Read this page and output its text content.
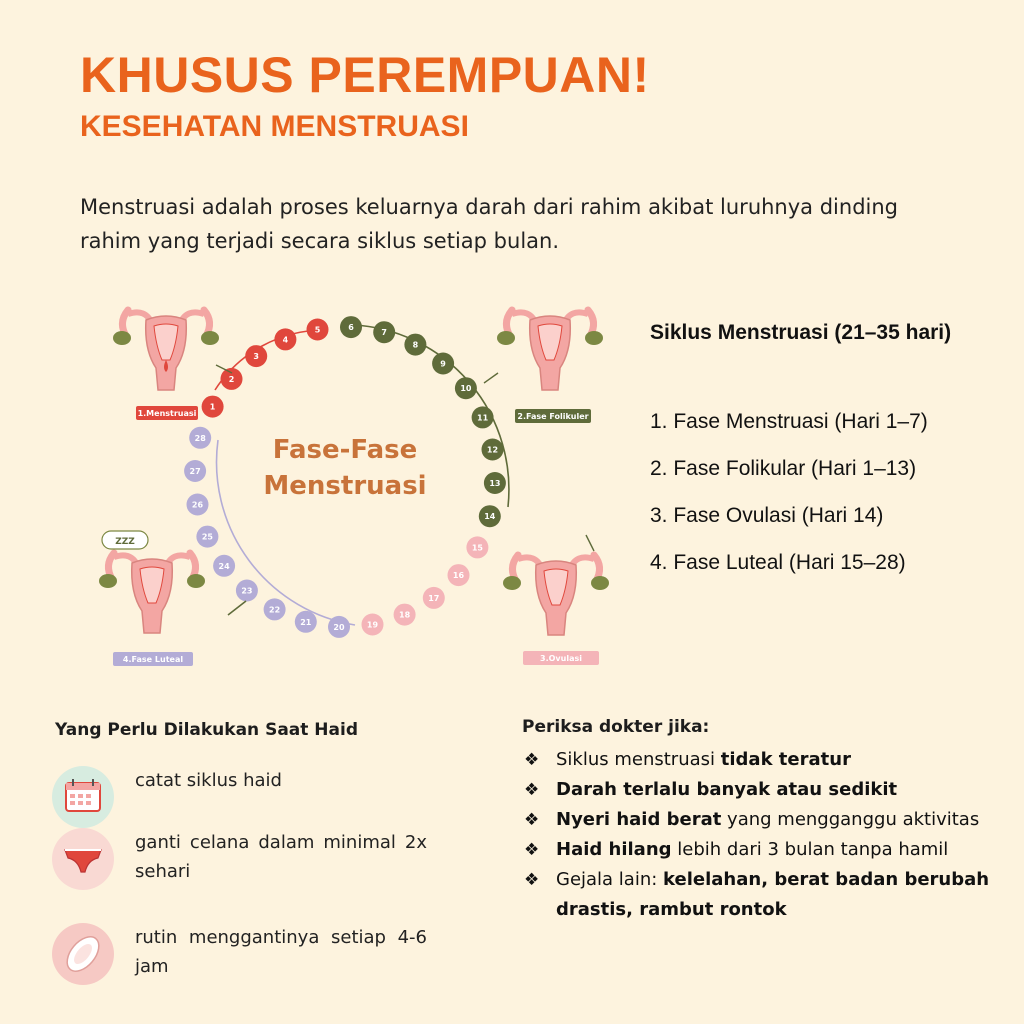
KHUSUS PEREMPUAN!
KESEHATAN MENSTRUASI

Menstruasi adalah proses keluarnya darah dari rahim akibat luruhnya dinding rahim yang terjadi secara siklus setiap bulan.

1
2
3
4
5	6
7
8
9
10
11
12
13
14
15
16
17
18
19
20
21
22
23
24
25
26
27
28	Fase-Fase
Menstruasi
1.Menstruasi	2.Fase Folikuler
3.Ovulasi
ZZZ
4.Fase Luteal
Siklus Menstruasi (21–35 hari)
1. Fase Menstruasi (Hari 1–7)
2. Fase Folikular (Hari 1–13)
3. Fase Ovulasi (Hari 14)
4. Fase Luteal (Hari 15–28)
Yang Perlu Dilakukan Saat Haid
catat siklus haid
ganti celana dalam minimal 2x sehari
rutin menggantinya setiap 4-6 jam
Periksa dokter jika:
❖ Siklus menstruasi tidak teratur
❖ Darah terlalu banyak atau sedikit
❖ Nyeri haid berat yang mengganggu aktivitas
❖ Haid hilang lebih dari 3 bulan tanpa hamil
❖ Gejala lain: kelelahan, berat badan berubah drastis, rambut rontok
